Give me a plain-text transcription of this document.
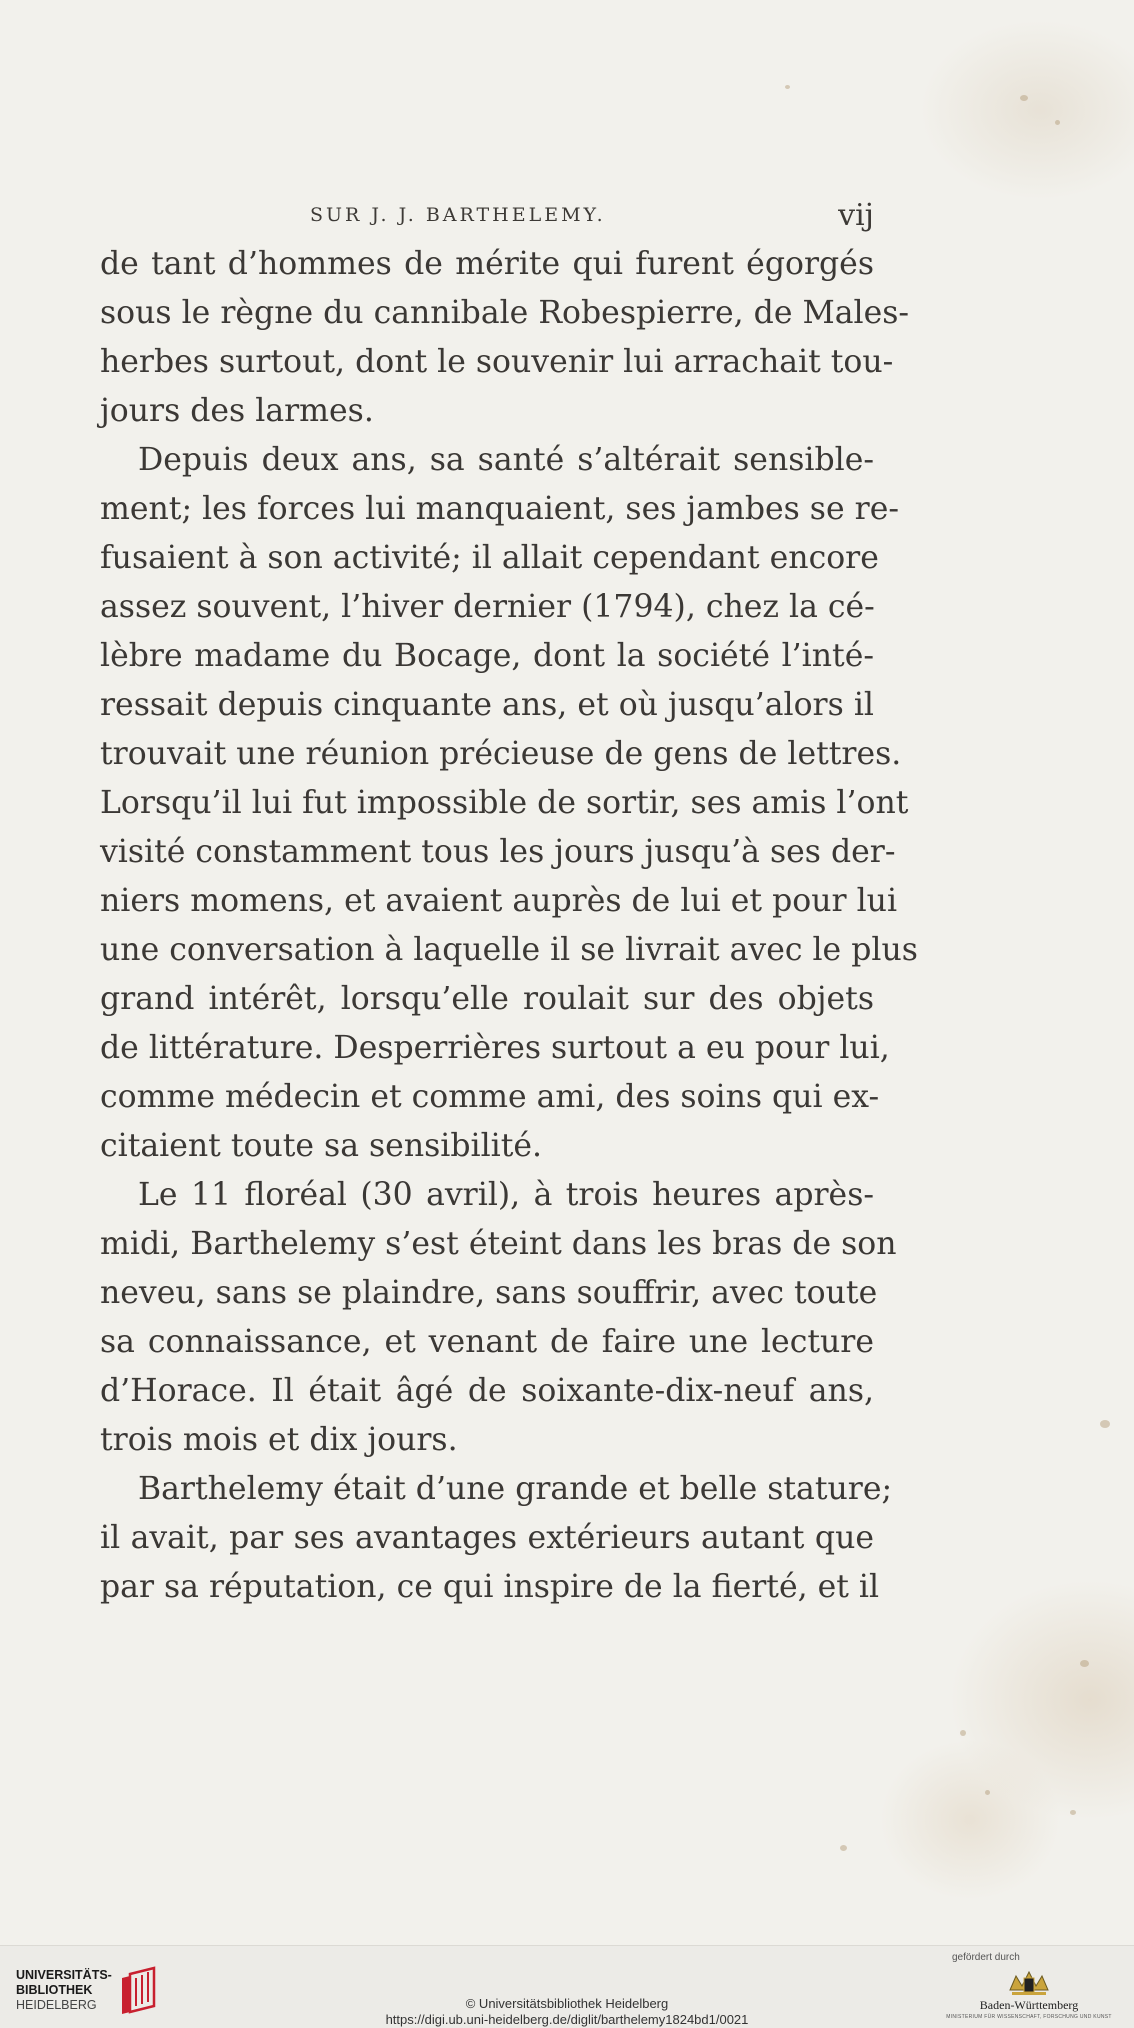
SUR J. J. BARTHELEMY.	vij
de tant d’hommes de mérite qui furent égorgés
sous le règne du cannibale Robespierre, de Males-
herbes surtout, dont le souvenir lui arrachait tou-
jours des larmes.
Depuis deux ans, sa santé s’altérait sensible-
ment; les forces lui manquaient, ses jambes se re-
fusaient à son activité; il allait cependant encore
assez souvent, l’hiver dernier (1794), chez la cé-
lèbre madame du Bocage, dont la société l’inté-
ressait depuis cinquante ans, et où jusqu’alors il
trouvait une réunion précieuse de gens de lettres.
Lorsqu’il lui fut impossible de sortir, ses amis l’ont
visité constamment tous les jours jusqu’à ses der-
niers momens, et avaient auprès de lui et pour lui
une conversation à laquelle il se livrait avec le plus
grand intérêt, lorsqu’elle roulait sur des objets
de littérature. Desperrières surtout a eu pour lui,
comme médecin et comme ami, des soins qui ex-
citaient toute sa sensibilité.
Le 11 floréal (30 avril), à trois heures après-
midi, Barthelemy s’est éteint dans les bras de son
neveu, sans se plaindre, sans souffrir, avec toute
sa connaissance, et venant de faire une lecture
d’Horace. Il était âgé de soixante-dix-neuf ans,
trois mois et dix jours.
Barthelemy était d’une grande et belle stature;
il avait, par ses avantages extérieurs autant que
par sa réputation, ce qui inspire de la fierté, et il
UNIVERSITÄTS-
BIBLIOTHEK
HEIDELBERG	© Universitätsbibliothek Heidelberg
https://digi.ub.uni-heidelberg.de/diglit/barthelemy1824bd1/0021
gefördert durch
Baden-Württemberg
MINISTERIUM FÜR WISSENSCHAFT, FORSCHUNG UND KUNST
